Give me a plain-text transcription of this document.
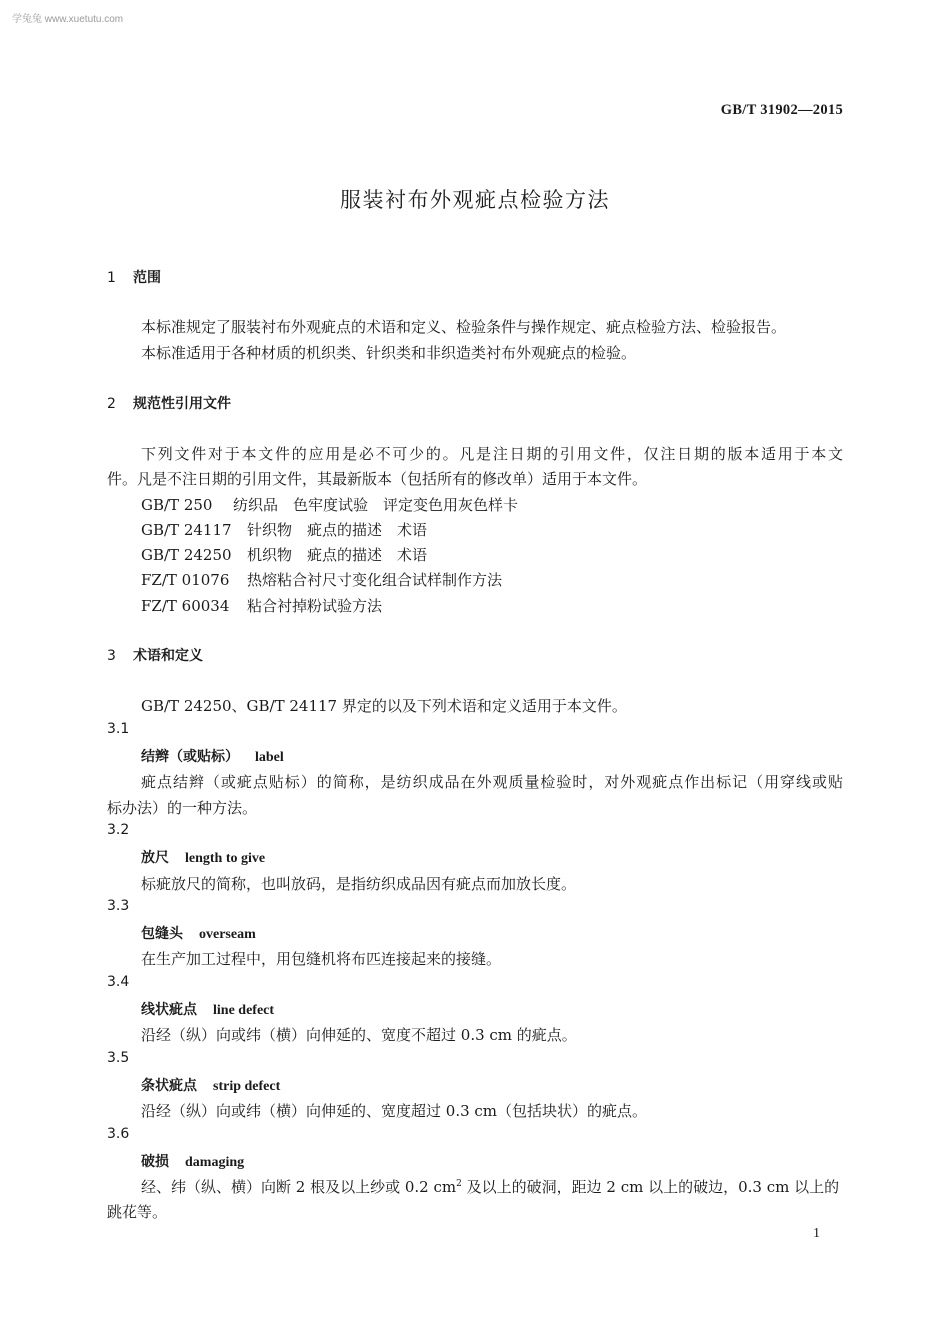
学兔兔 www.xuetutu.com
GB/T 31902—2015
服装衬布外观疵点检验方法
1 范围
本标准规定了服装衬布外观疵点的术语和定义、检验条件与操作规定、疵点检验方法、检验报告。
本标准适用于各种材质的机织类、针织类和非织造类衬布外观疵点的检验。
2 规范性引用文件
下列文件对于本文件的应用是必不可少的。凡是注日期的引用文件，仅注日期的版本适用于本文
件。凡是不注日期的引用文件，其最新版本（包括所有的修改单）适用于本文件。
GB/T 250 纺织品　色牢度试验　评定变色用灰色样卡
GB/T 24117 针织物　疵点的描述　术语
GB/T 24250 机织物　疵点的描述　术语
FZ/T 01076 热熔粘合衬尺寸变化组合试样制作方法
FZ/T 60034 粘合衬掉粉试验方法
3 术语和定义
GB/T 24250、GB/T 24117 界定的以及下列术语和定义适用于本文件。
3.1
结辫（或贴标） label
疵点结辫（或疵点贴标）的简称，是纺织成品在外观质量检验时，对外观疵点作出标记（用穿线或贴
标办法）的一种方法。
3.2
放尺 length to give
标疵放尺的简称，也叫放码，是指纺织成品因有疵点而加放长度。
3.3
包缝头 overseam
在生产加工过程中，用包缝机将布匹连接起来的接缝。
3.4
线状疵点 line defect
沿经（纵）向或纬（横）向伸延的、宽度不超过 0.3 cm 的疵点。
3.5
条状疵点 strip defect
沿经（纵）向或纬（横）向伸延的、宽度超过 0.3 cm（包括块状）的疵点。
3.6
破损 damaging
经、纬（纵、横）向断 2 根及以上纱或 0.2 $cm^2$ 及以上的破洞，距边 2 cm 以上的破边，0.3 cm 以上的
跳花等。
1
